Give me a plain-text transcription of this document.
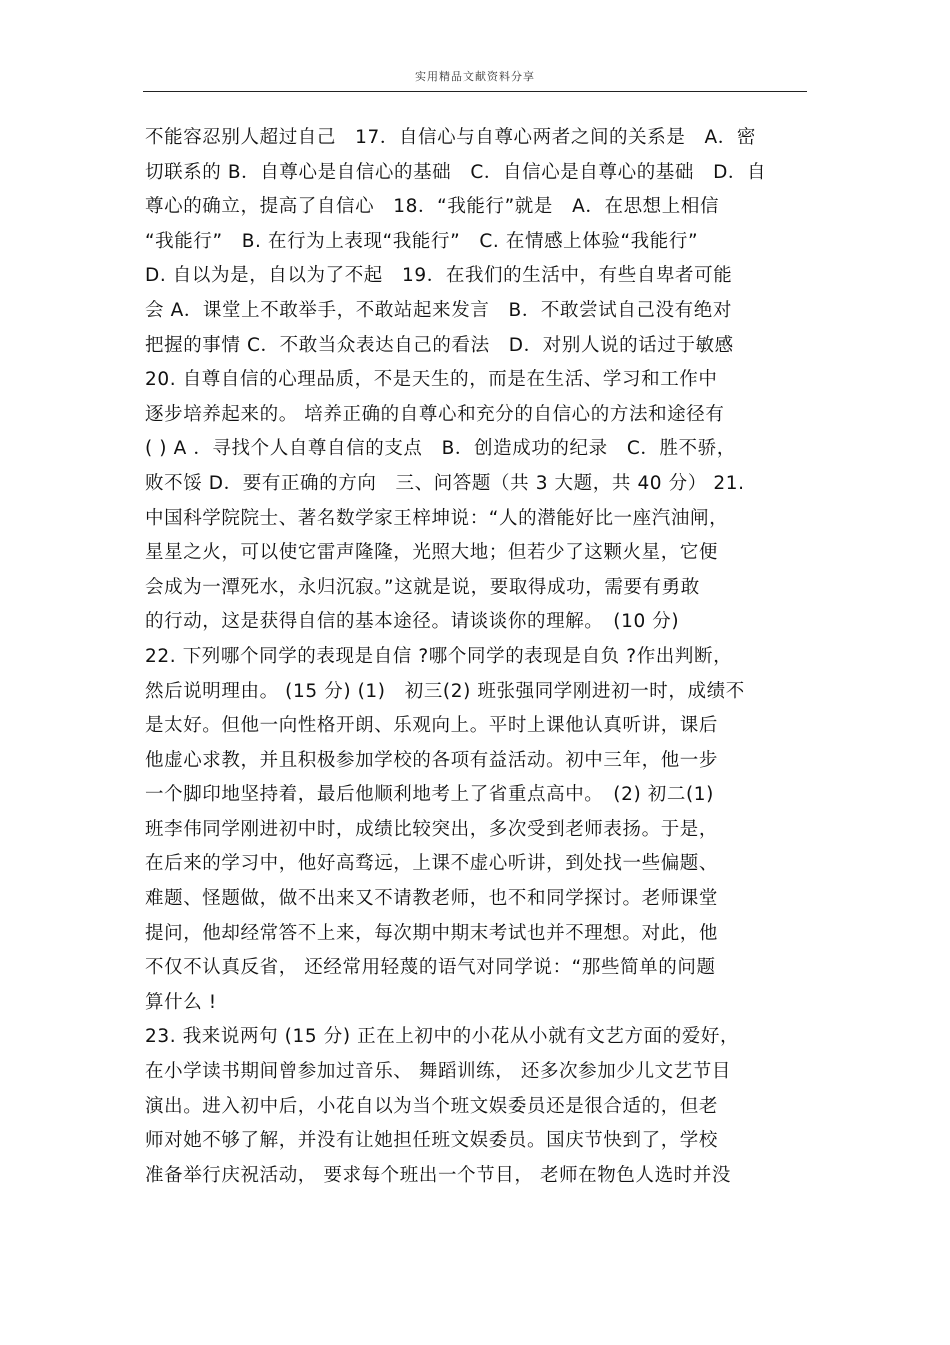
实用精品文献资料分享
不能容忍别人超过自己　17．自信心与自尊心两者之间的关系是　A．密
切联系的 B．自尊心是自信心的基础　C．自信心是自尊心的基础　D．自
尊心的确立，提高了自信心　18．“我能行”就是　A．在思想上相信
“我能行”　B. 在行为上表现“我能行”　C. 在情感上体验“我能行”
D. 自以为是，自以为了不起　19．在我们的生活中，有些自卑者可能
会 A．课堂上不敢举手，不敢站起来发言　B．不敢尝试自己没有绝对
把握的事情 C．不敢当众表达自己的看法　D．对别人说的话过于敏感
20. 自尊自信的心理品质，不是天生的，而是在生活、学习和工作中
逐步培养起来的。 培养正确的自尊心和充分的自信心的方法和途径有
( ) A ．寻找个人自尊自信的支点　B．创造成功的纪录　C．胜不骄，
败不馁 D．要有正确的方向　三、问答题（共 3 大题，共 40 分） 21.
中国科学院院士、著名数学家王梓坤说：“人的潜能好比一座汽油闸，
星星之火，可以使它雷声隆隆，光照大地；但若少了这颗火星，它便
会成为一潭死水，永归沉寂。”这就是说，要取得成功，需要有勇敢
的行动，这是获得自信的基本途径。请谈谈你的理解。　(10 分)
22. 下列哪个同学的表现是自信 ?哪个同学的表现是自负 ?作出判断，
然后说明理由。 (15 分) (1)　初三(2) 班张强同学刚进初一时，成绩不
是太好。但他一向性格开朗、乐观向上。平时上课他认真听讲，课后
他虚心求教，并且积极参加学校的各项有益活动。初中三年，他一步
一个脚印地坚持着，最后他顺利地考上了省重点高中。　(2) 初二(1)
班李伟同学刚进初中时，成绩比较突出，多次受到老师表扬。于是，
在后来的学习中，他好高骛远，上课不虚心听讲，到处找一些偏题、
难题、怪题做，做不出来又不请教老师，也不和同学探讨。老师课堂
提问，他却经常答不上来，每次期中期末考试也并不理想。对此，他
不仅不认真反省， 还经常用轻蔑的语气对同学说：“那些简单的问题
算什么 !
23. 我来说两句 (15 分) 正在上初中的小花从小就有文艺方面的爱好，
在小学读书期间曾参加过音乐、 舞蹈训练， 还多次参加少儿文艺节目
演出。进入初中后，小花自以为当个班文娱委员还是很合适的，但老
师对她不够了解，并没有让她担任班文娱委员。国庆节快到了，学校
准备举行庆祝活动， 要求每个班出一个节目， 老师在物色人选时并没
